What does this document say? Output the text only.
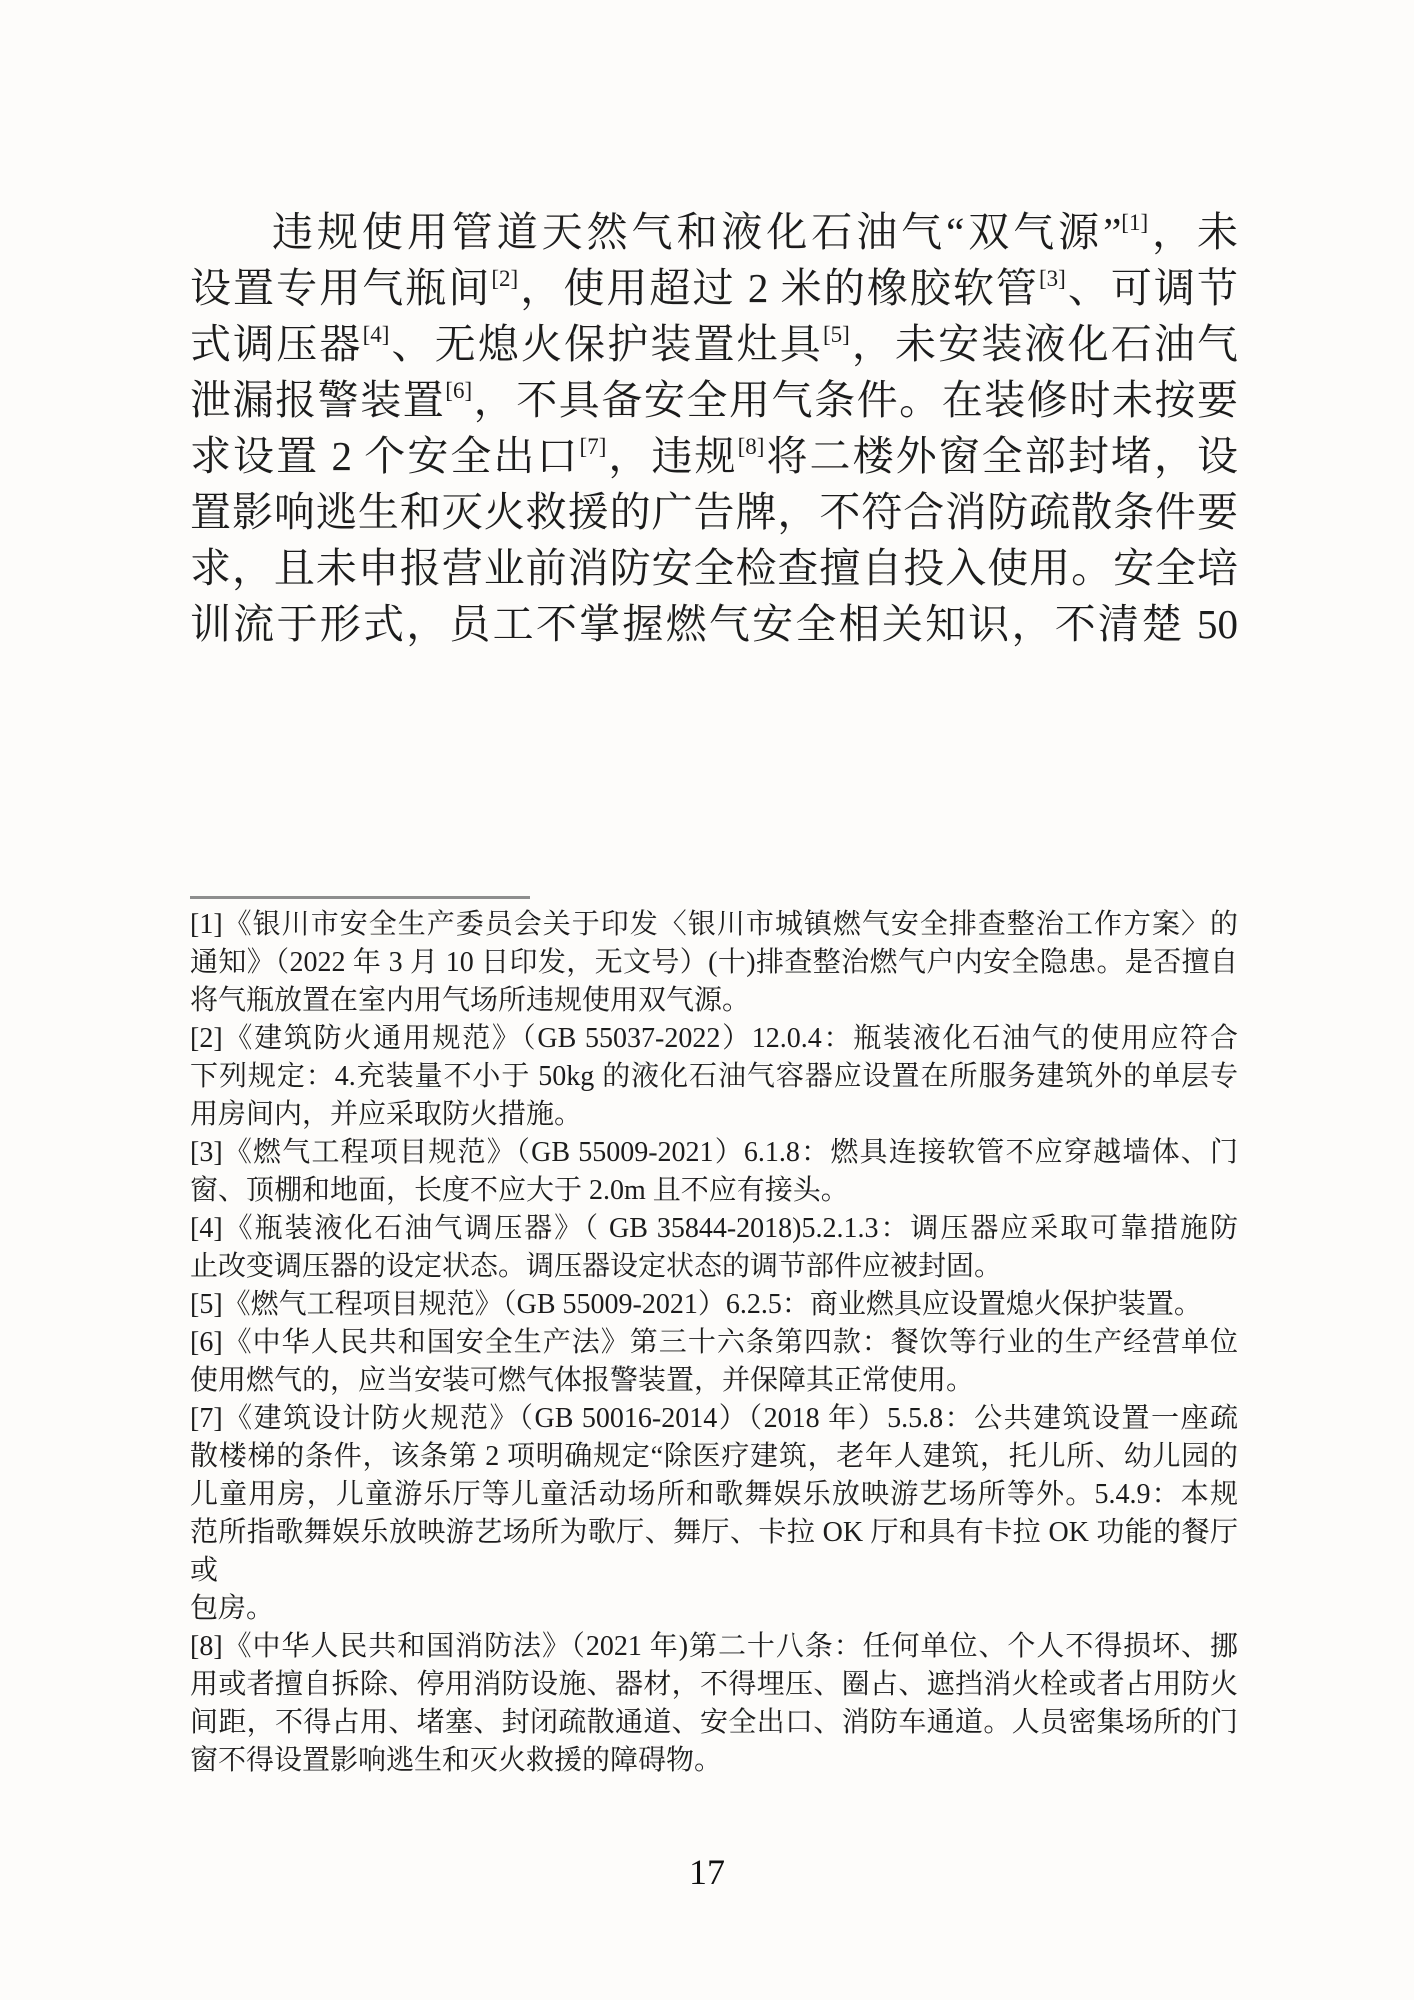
违规使用管道天然气和液化石油气“双气源”[1]，未
设置专用气瓶间[2]，使用超过 2 米的橡胶软管[3]、可调节
式调压器[4]、无熄火保护装置灶具[5]，未安装液化石油气
泄漏报警装置[6]，不具备安全用气条件。在装修时未按要
求设置 2 个安全出口[7]，违规[8]将二楼外窗全部封堵，设
置影响逃生和灭火救援的广告牌，不符合消防疏散条件要
求，且未申报营业前消防安全检查擅自投入使用。安全培
训流于形式，员工不掌握燃气安全相关知识，不清楚 50
[1]《银川市安全生产委员会关于印发〈银川市城镇燃气安全排查整治工作方案〉的
通知》（2022 年 3 月 10 日印发，无文号）(十)排查整治燃气户内安全隐患。是否擅自
将气瓶放置在室内用气场所违规使用双气源。
[2]《建筑防火通用规范》（GB 55037-2022）12.0.4：瓶装液化石油气的使用应符合
下列规定：4.充装量不小于 50kg 的液化石油气容器应设置在所服务建筑外的单层专
用房间内，并应采取防火措施。
[3]《燃气工程项目规范》（GB 55009-2021）6.1.8：燃具连接软管不应穿越墙体、门
窗、顶棚和地面，长度不应大于 2.0m 且不应有接头。
[4]《瓶装液化石油气调压器》（ GB 35844-2018)5.2.1.3：调压器应采取可靠措施防
止改变调压器的设定状态。调压器设定状态的调节部件应被封固。
[5]《燃气工程项目规范》（GB 55009-2021）6.2.5：商业燃具应设置熄火保护装置。
[6]《中华人民共和国安全生产法》第三十六条第四款：餐饮等行业的生产经营单位
使用燃气的，应当安装可燃气体报警装置，并保障其正常使用。
[7]《建筑设计防火规范》（GB 50016-2014）（2018 年）5.5.8：公共建筑设置一座疏
散楼梯的条件，该条第 2 项明确规定“除医疗建筑，老年人建筑，托儿所、幼儿园的
儿童用房，儿童游乐厅等儿童活动场所和歌舞娱乐放映游艺场所等外。5.4.9：本规
范所指歌舞娱乐放映游艺场所为歌厅、舞厅、卡拉 OK 厅和具有卡拉 OK 功能的餐厅或
包房。
[8]《中华人民共和国消防法》（2021 年)第二十八条：任何单位、个人不得损坏、挪
用或者擅自拆除、停用消防设施、器材，不得埋压、圈占、遮挡消火栓或者占用防火
间距，不得占用、堵塞、封闭疏散通道、安全出口、消防车通道。人员密集场所的门
窗不得设置影响逃生和灭火救援的障碍物。
17
